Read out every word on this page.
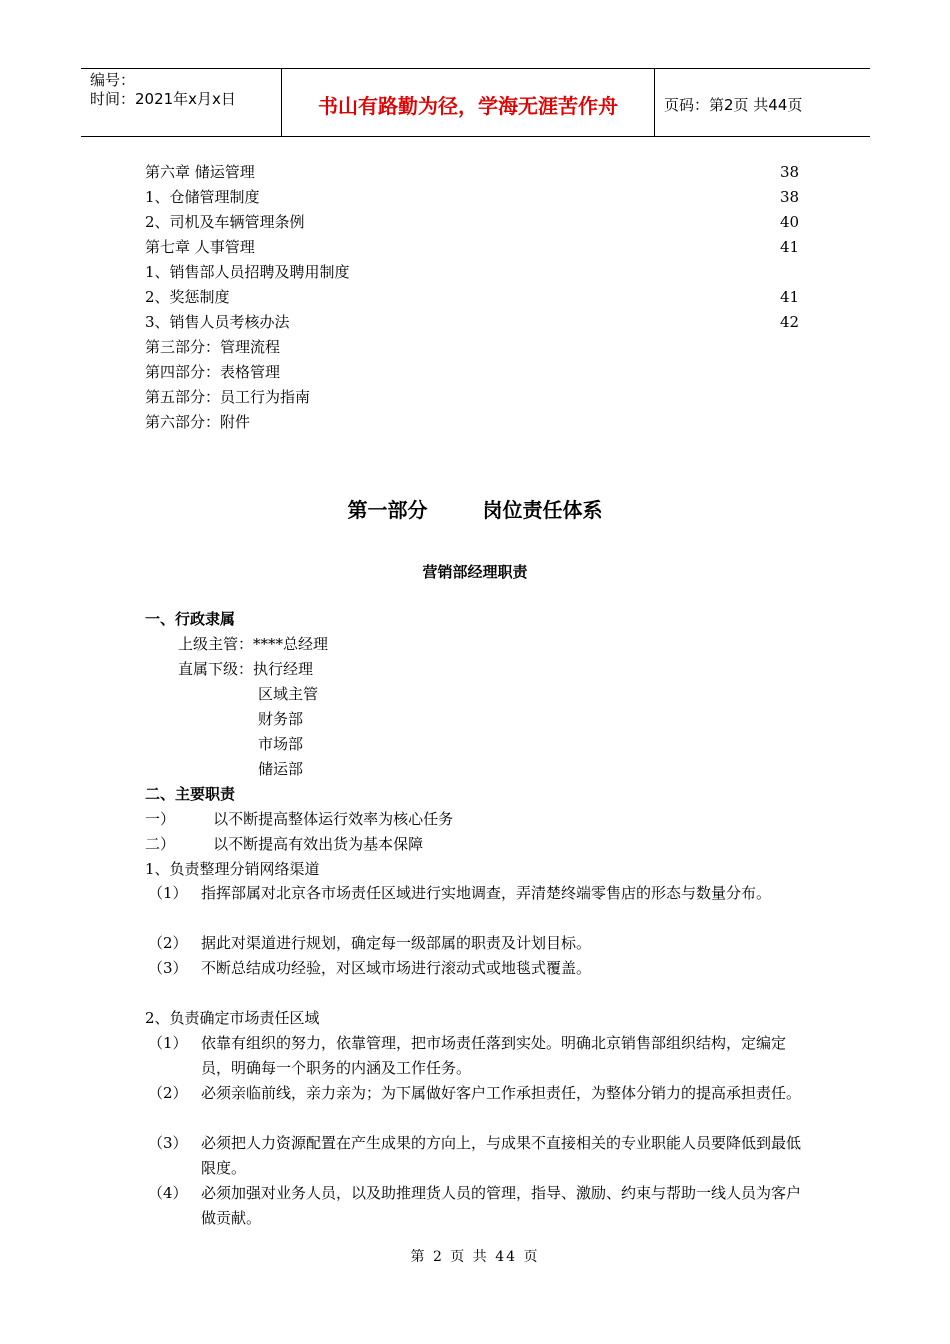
编号：
时间：2021年x月x日	书山有路勤为径，学海无涯苦作舟	页码：第2页 共44页
第六章 储运管理	38
1、仓储管理制度	38
2、司机及车辆管理条例	40
第七章 人事管理	41
1、销售部人员招聘及聘用制度
2、奖惩制度	41
3、销售人员考核办法	42
第三部分：管理流程
第四部分：表格管理
第五部分：员工行为指南
第六部分：附件
第一部分	岗位责任体系
营销部经理职责
一、行政隶属
上级主管：****总经理
直属下级：执行经理
区域主管
财务部
市场部
储运部
二、主要职责
一）        以不断提高整体运行效率为核心任务
二）        以不断提高有效出货为基本保障
1、负责整理分销网络渠道
（1） 指挥部属对北京各市场责任区域进行实地调查，弄清楚终端零售店的形态与数量分布。
（2） 据此对渠道进行规划，确定每一级部属的职责及计划目标。
（3） 不断总结成功经验，对区域市场进行滚动式或地毯式覆盖。
2、负责确定市场责任区域
（1） 依靠有组织的努力，依靠管理，把市场责任落到实处。明确北京销售部组织结构，定编定员，明确每一个职务的内涵及工作任务。
（2） 必须亲临前线，亲力亲为；为下属做好客户工作承担责任，为整体分销力的提高承担责任。
（3） 必须把人力资源配置在产生成果的方向上，与成果不直接相关的专业职能人员要降低到最低限度。
（4） 必须加强对业务人员，以及助推理货人员的管理，指导、激励、约束与帮助一线人员为客户做贡献。
第 2 页 共 44 页
